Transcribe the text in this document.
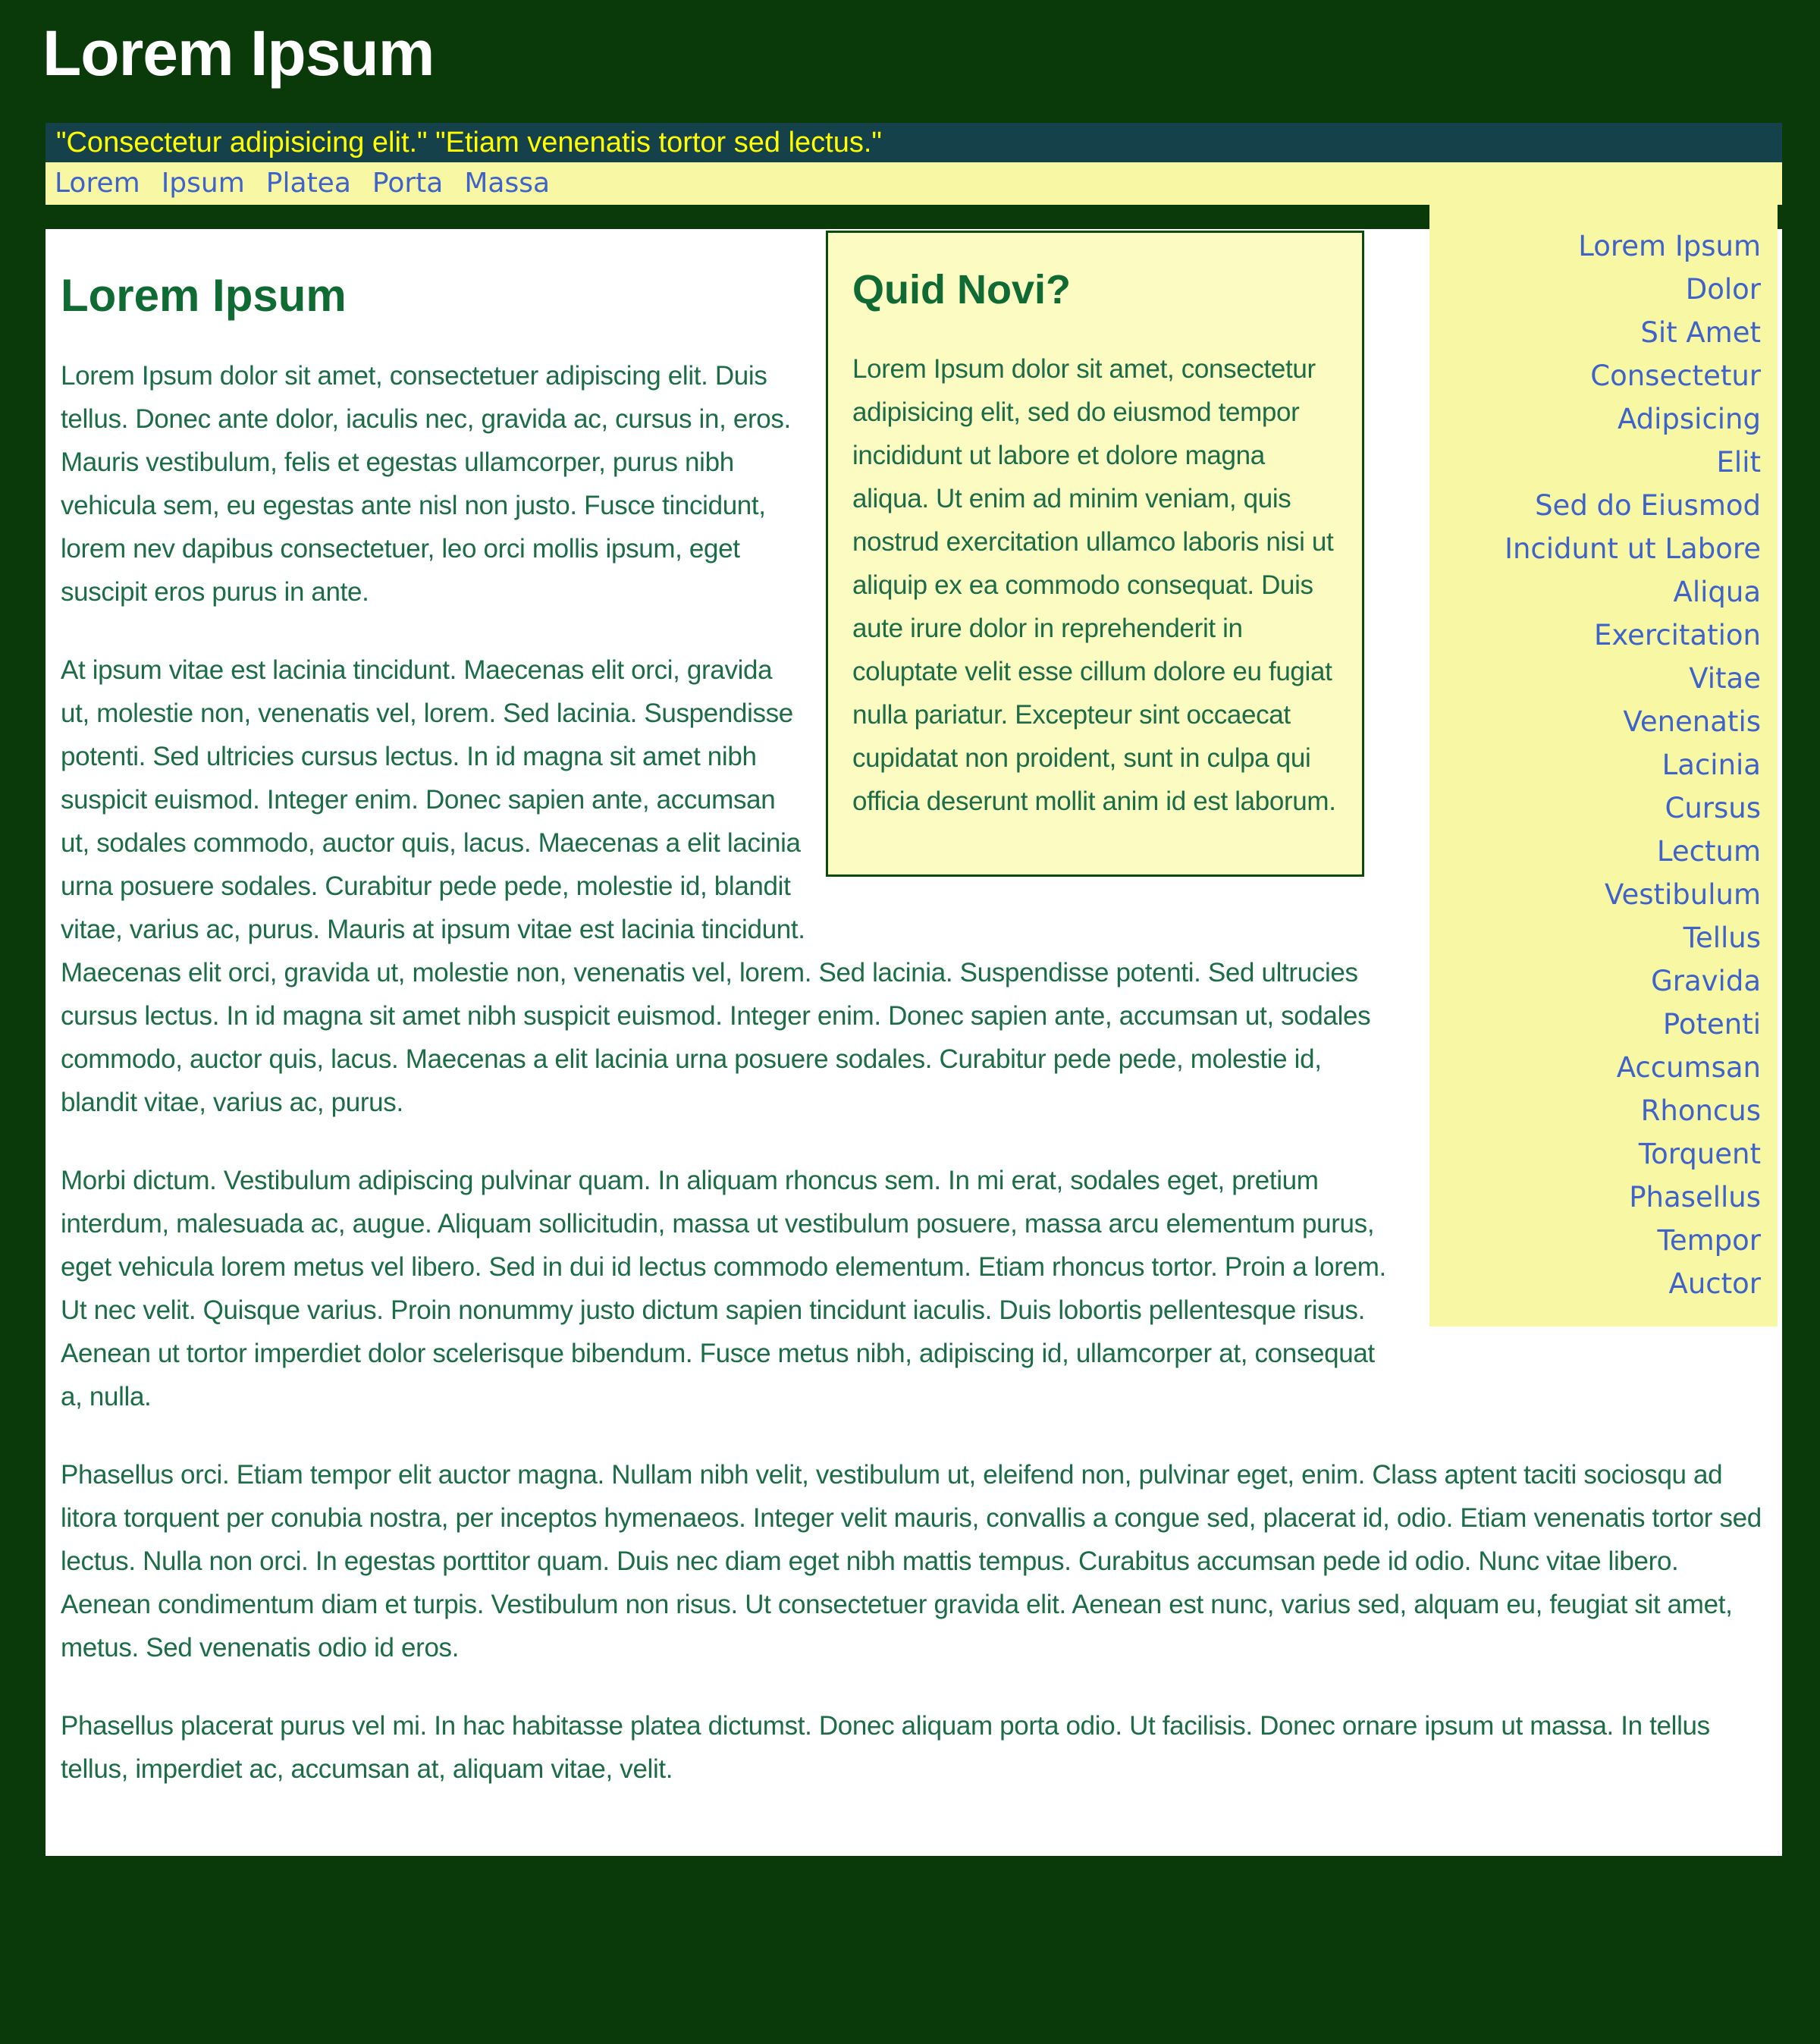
Lorem Ipsum
"Consectetur adipisicing elit." "Etiam venenatis tortor sed lectus."
Lorem Ipsum Platea Porta Massa
Lorem Ipsum
Dolor
Sit Amet
Consectetur
Adipsicing
Elit
Sed do Eiusmod
Incidunt ut Labore
Aliqua
Exercitation
Vitae
Venenatis
Lacinia
Cursus
Lectum
Vestibulum
Tellus
Gravida
Potenti
Accumsan
Rhoncus
Torquent
Phasellus
Tempor
Auctor
Quid Novi?

Lorem Ipsum dolor sit amet, consectetur adipisicing elit, sed do eiusmod tempor incididunt ut labore et dolore magna aliqua. Ut enim ad minim veniam, quis nostrud exercitation ullamco laboris nisi ut aliquip ex ea commodo consequat. Duis aute irure dolor in reprehenderit in coluptate velit esse cillum dolore eu fugiat nulla pariatur. Excepteur sint occaecat cupidatat non proident, sunt in culpa qui officia deserunt mollit anim id est laborum.

Lorem Ipsum

Lorem Ipsum dolor sit amet, consectetuer adipiscing elit. Duis tellus. Donec ante dolor, iaculis nec, gravida ac, cursus in, eros. Mauris vestibulum, felis et egestas ullamcorper, purus nibh vehicula sem, eu egestas ante nisl non justo. Fusce tincidunt, lorem nev dapibus consectetuer, leo orci mollis ipsum, eget suscipit eros purus in ante.

At ipsum vitae est lacinia tincidunt. Maecenas elit orci, gravida ut, molestie non, venenatis vel, lorem. Sed lacinia. Suspendisse potenti. Sed ultricies cursus lectus. In id magna sit amet nibh suspicit euismod. Integer enim. Donec sapien ante, accumsan ut, sodales commodo, auctor quis, lacus. Maecenas a elit lacinia urna posuere sodales. Curabitur pede pede, molestie id, blandit vitae, varius ac, purus. Mauris at ipsum vitae est lacinia tincidunt. Maecenas elit orci, gravida ut, molestie non, venenatis vel, lorem. Sed lacinia. Suspendisse potenti. Sed ultrucies cursus lectus. In id magna sit amet nibh suspicit euismod. Integer enim. Donec sapien ante, accumsan ut, sodales commodo, auctor quis, lacus. Maecenas a elit lacinia urna posuere sodales. Curabitur pede pede, molestie id, blandit vitae, varius ac, purus.

Morbi dictum. Vestibulum adipiscing pulvinar quam. In aliquam rhoncus sem. In mi erat, sodales eget, pretium interdum, malesuada ac, augue. Aliquam sollicitudin, massa ut vestibulum posuere, massa arcu elementum purus, eget vehicula lorem metus vel libero. Sed in dui id lectus commodo elementum. Etiam rhoncus tortor. Proin a lorem. Ut nec velit. Quisque varius. Proin nonummy justo dictum sapien tincidunt iaculis. Duis lobortis pellentesque risus. Aenean ut tortor imperdiet dolor scelerisque bibendum. Fusce metus nibh, adipiscing id, ullamcorper at, consequat a, nulla.

Phasellus orci. Etiam tempor elit auctor magna. Nullam nibh velit, vestibulum ut, eleifend non, pulvinar eget, enim. Class aptent taciti sociosqu ad litora torquent per conubia nostra, per inceptos hymenaeos. Integer velit mauris, convallis a congue sed, placerat id, odio. Etiam venenatis tortor sed lectus. Nulla non orci. In egestas porttitor quam. Duis nec diam eget nibh mattis tempus. Curabitus accumsan pede id odio. Nunc vitae libero. Aenean condimentum diam et turpis. Vestibulum non risus. Ut consectetuer gravida elit. Aenean est nunc, varius sed, alquam eu, feugiat sit amet, metus. Sed venenatis odio id eros.

Phasellus placerat purus vel mi. In hac habitasse platea dictumst. Donec aliquam porta odio. Ut facilisis. Donec ornare ipsum ut massa. In tellus tellus, imperdiet ac, accumsan at, aliquam vitae, velit.
